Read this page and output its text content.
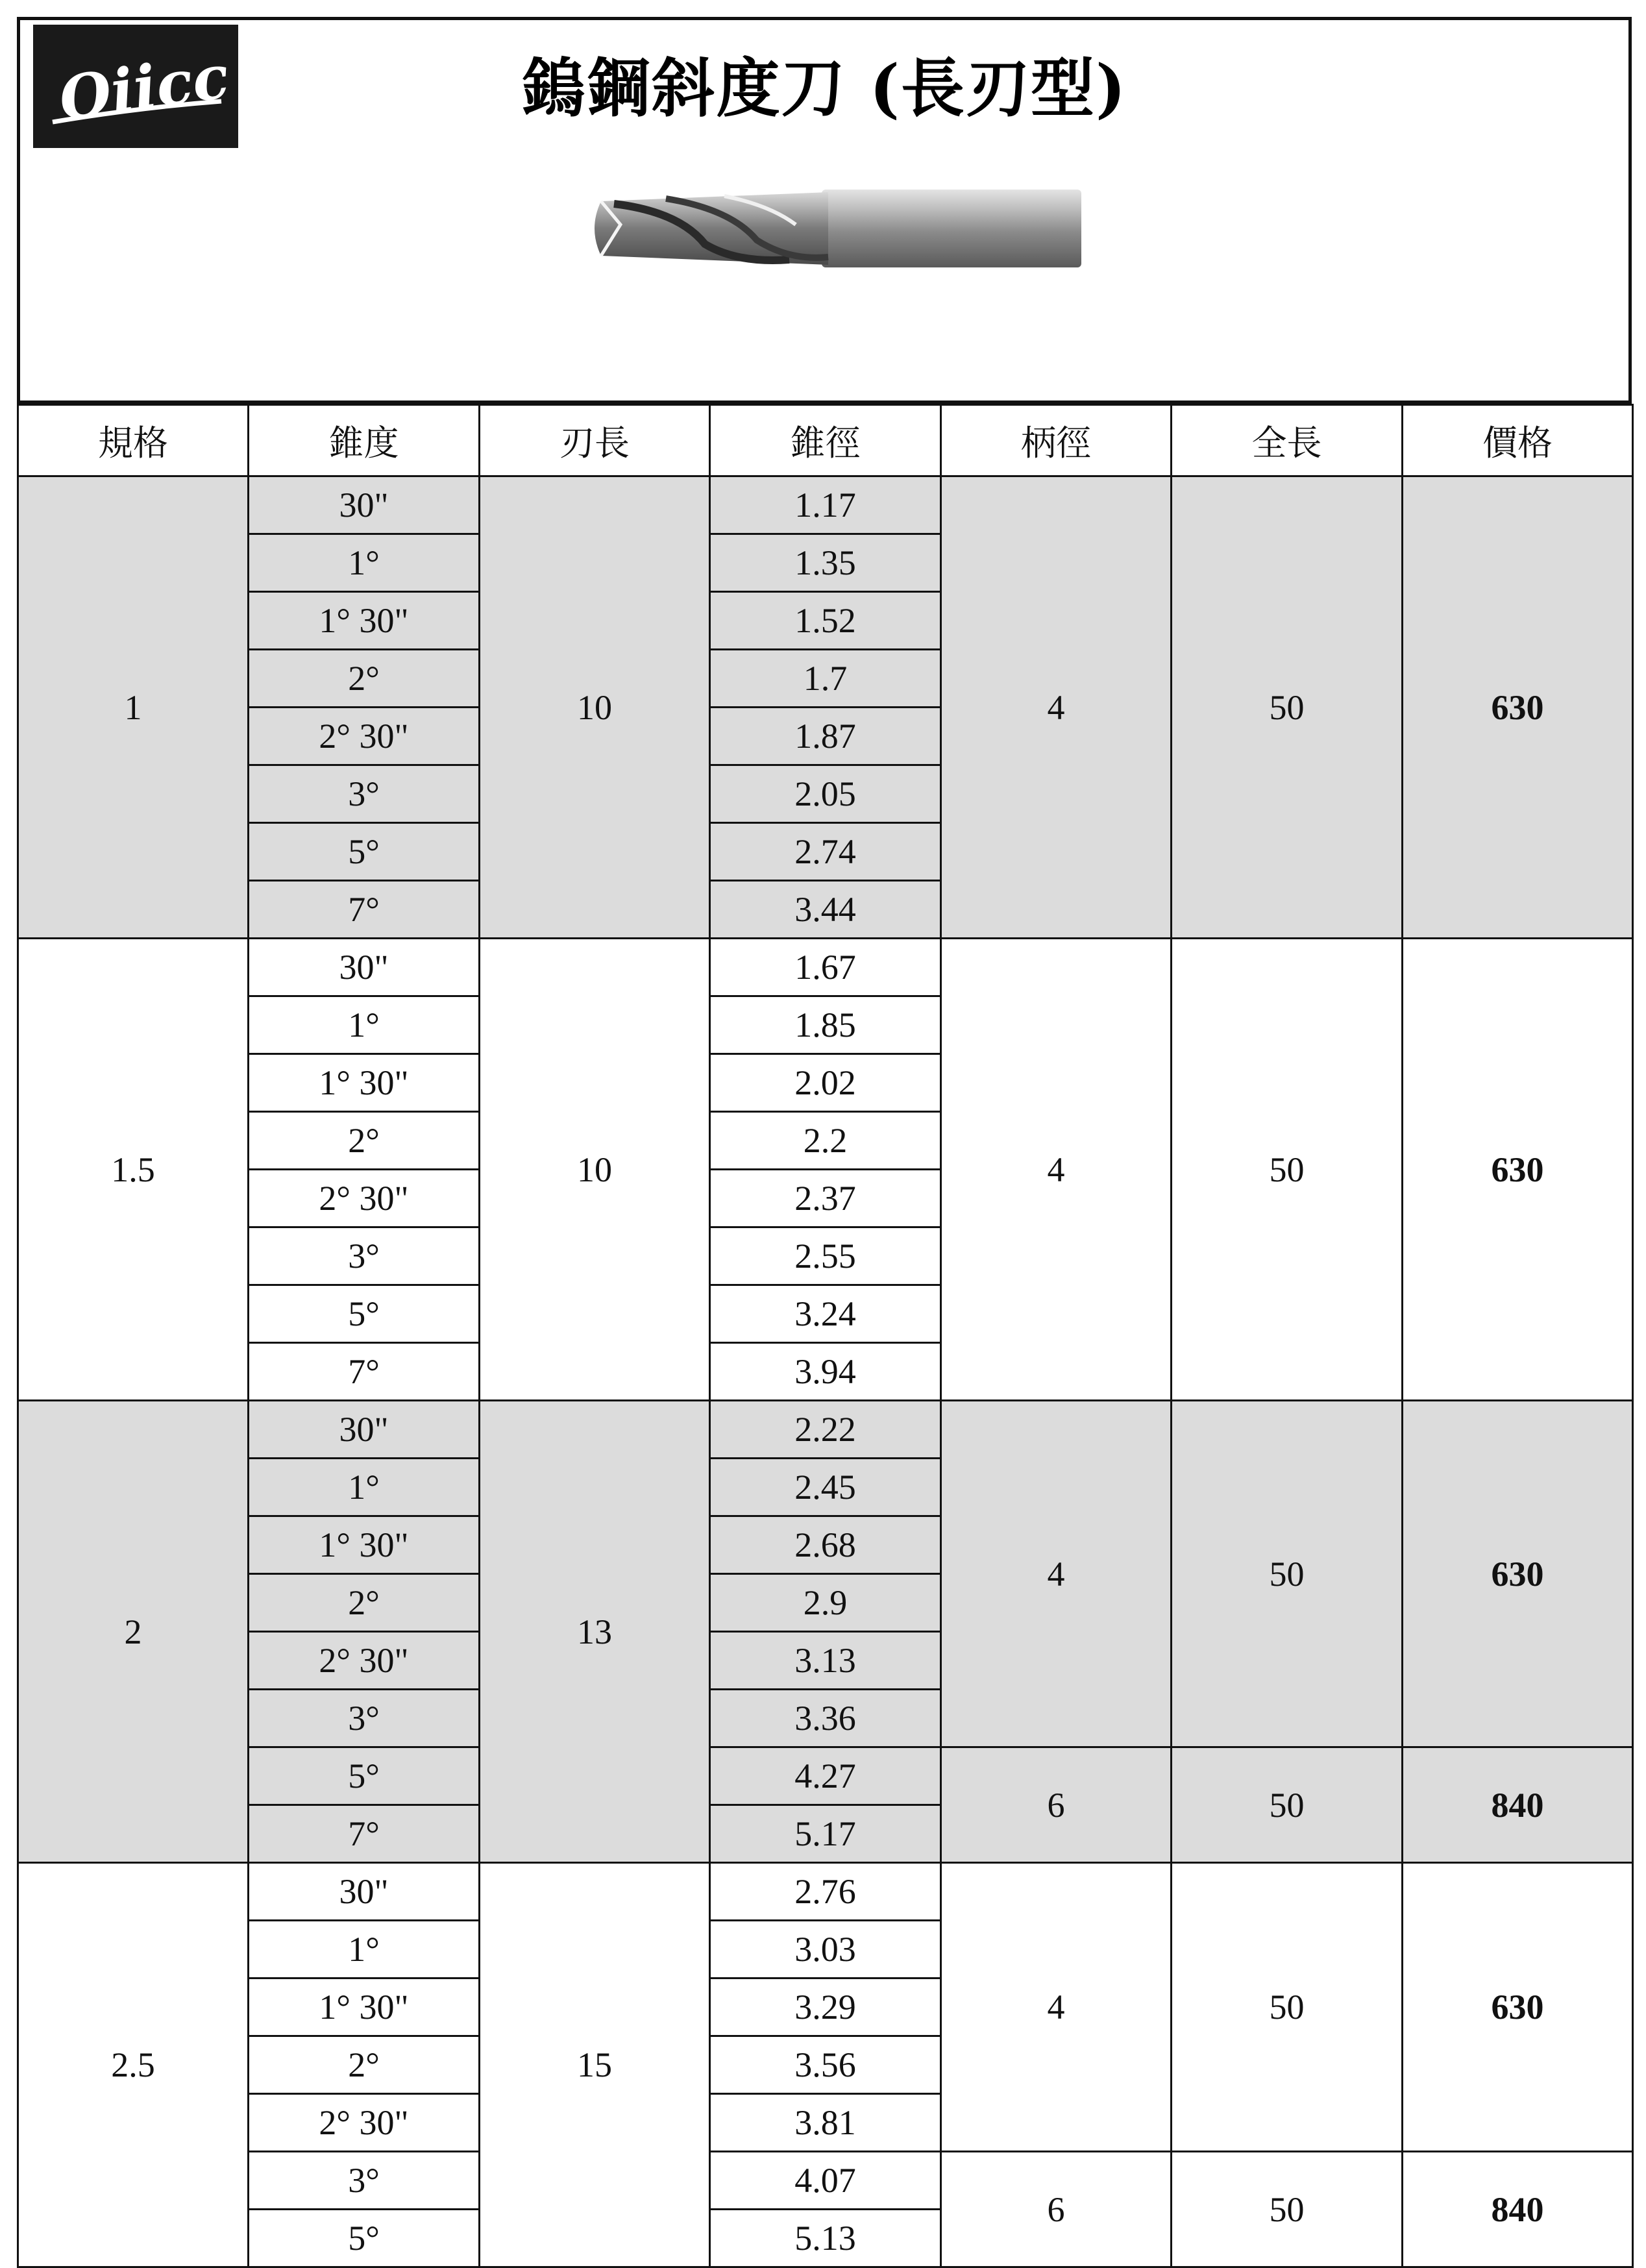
Oiicc	鎢鋼斜度刀 (長刃型)
規格	錐度	刃長	錐徑	柄徑	全長	價格
1	30"	10	1.17	4	50	630
	1°		1.35			
	1° 30"		1.52			
	2°		1.7			
	2° 30"		1.87			
	3°		2.05			
	5°		2.74			
	7°		3.44			
1.5	30"	10	1.67	4	50	630
	1°		1.85			
	1° 30"		2.02			
	2°		2.2			
	2° 30"		2.37			
	3°		2.55			
	5°		3.24			
	7°		3.94			
2	30"	13	2.22	4	50	630
	1°		2.45			
	1° 30"		2.68			
	2°		2.9			
	2° 30"		3.13			
	3°		3.36			
	5°		4.27	6	50	840
	7°		5.17			
2.5	30"	15	2.76	4	50	630
	1°		3.03			
	1° 30"		3.29			
	2°		3.56			
	2° 30"		3.81			
	3°		4.07	6	50	840
	5°		5.13			
